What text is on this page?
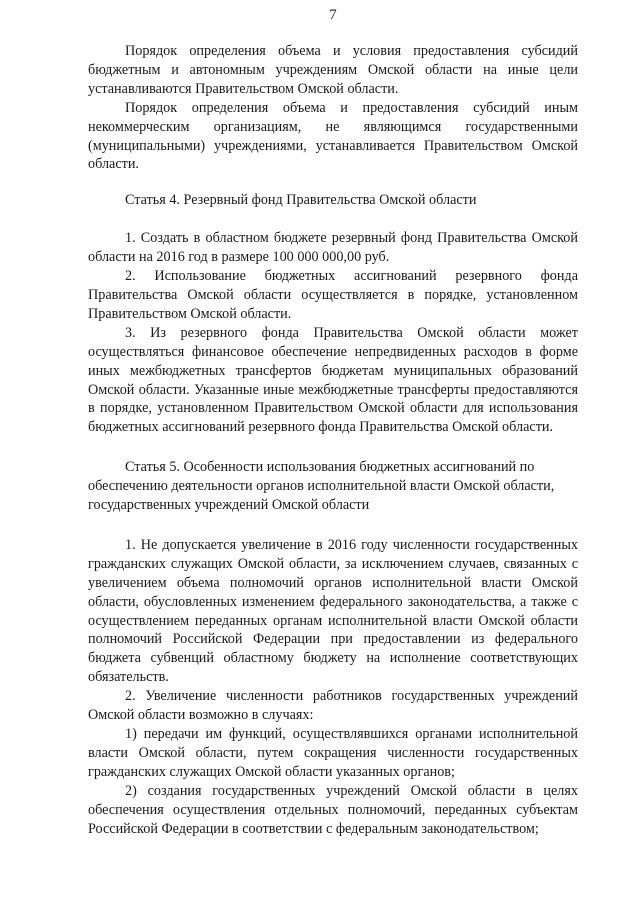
7

Порядок определения объема и условия предоставления субсидий бюджетным и автономным учреждениям Омской области на иные цели устанавливаются Правительством Омской области.

Порядок определения объема и предоставления субсидий иным некоммерческим организациям, не являющимся государственными (муниципальными) учреждениями, устанавливается Правительством Омской области.

Статья 4. Резервный фонд Правительства Омской области

1. Создать в областном бюджете резервный фонд Правительства Омской области на 2016 год в размере 100 000 000,00 руб.

2. Использование бюджетных ассигнований резервного фонда Правительства Омской области осуществляется в порядке, установленном Правительством Омской области.

3. Из резервного фонда Правительства Омской области может осуществляться финансовое обеспечение непредвиденных расходов в форме иных межбюджетных трансфертов бюджетам муниципальных образований Омской области. Указанные иные межбюджетные трансферты предоставляются в порядке, установленном Правительством Омской области для использования бюджетных ассигнований резервного фонда Правительства Омской области.

Статья 5. Особенности использования бюджетных ассигнований по обеспечению деятельности органов исполнительной власти Омской области, государственных учреждений Омской области

1. Не допускается увеличение в 2016 году численности государственных гражданских служащих Омской области, за исключением случаев, связанных с увеличением объема полномочий органов исполнительной власти Омской области, обусловленных изменением федерального законодательства, а также с осуществлением переданных органам исполнительной власти Омской области полномочий Российской Федерации при предоставлении из федерального бюджета субвенций областному бюджету на исполнение соответствующих обязательств.

2. Увеличение численности работников государственных учреждений Омской области возможно в случаях:

1) передачи им функций, осуществлявшихся органами исполнительной власти Омской области, путем сокращения численности государственных гражданских служащих Омской области указанных органов;

2) создания государственных учреждений Омской области в целях обеспечения осуществления отдельных полномочий, переданных субъектам Российской Федерации в соответствии с федеральным законодательством;
